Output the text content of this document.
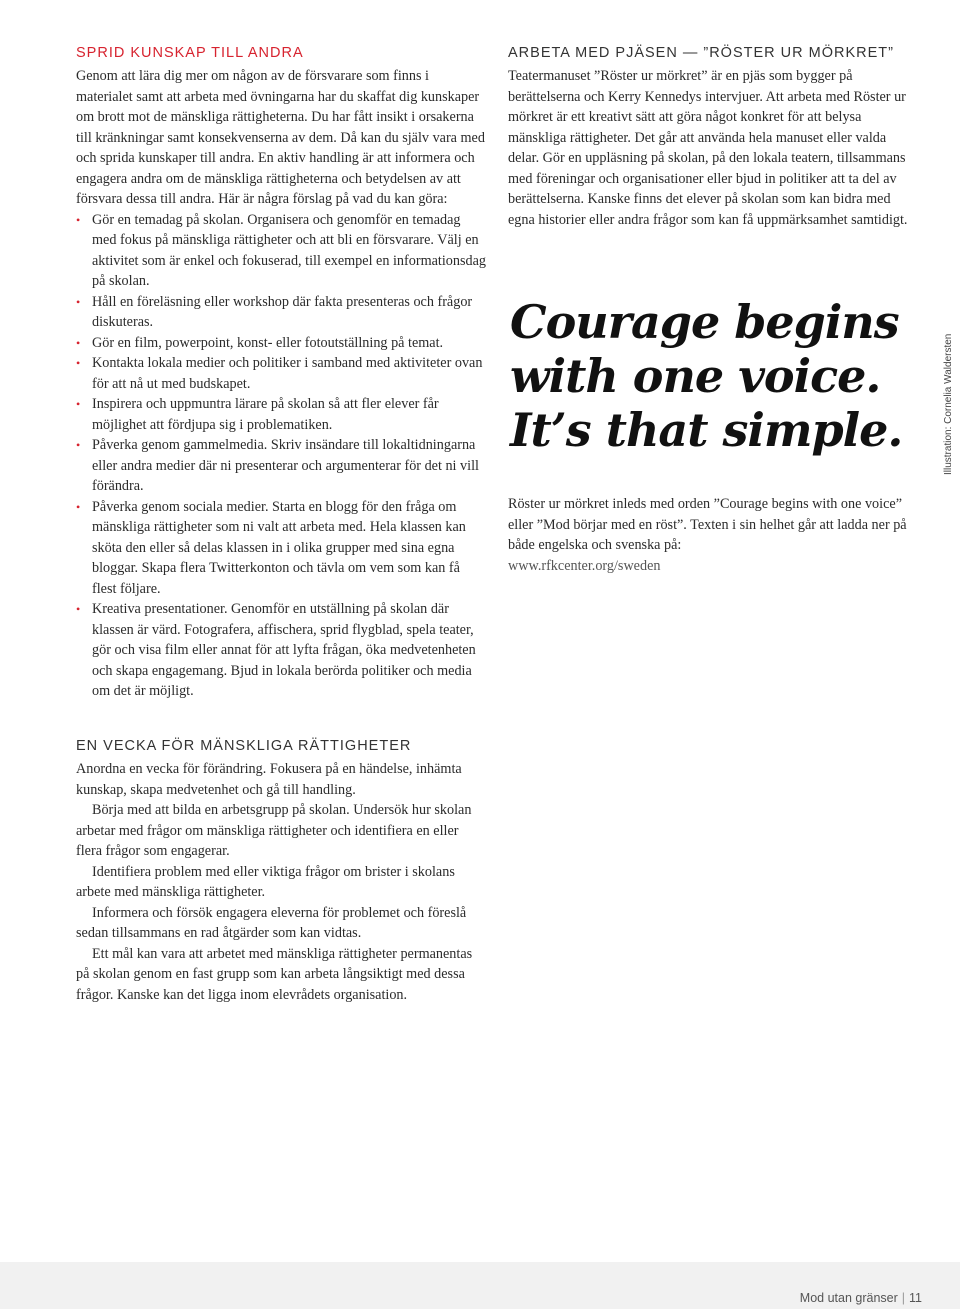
SPRID KUNSKAP TILL ANDRA

Genom att lära dig mer om någon av de försvarare som finns i materialet samt att arbeta med övningarna har du skaffat dig kunskaper om brott mot de mänskliga rättigheterna. Du har fått insikt i orsakerna till kränkningar samt konsekvenserna av dem. Då kan du själv vara med och sprida kunskaper till andra. En aktiv handling är att informera och engagera andra om de mänskliga rättigheterna och betydelsen av att försvara dessa till andra. Här är några förslag på vad du kan göra:

• Gör en temadag på skolan. Organisera och genomför en temadag med fokus på mänskliga rättigheter och att bli en försvarare. Välj en aktivitet som är enkel och fokuserad, till exempel en informationsdag på skolan.
• Håll en föreläsning eller workshop där fakta presenteras och frågor diskuteras.
• Gör en film, powerpoint, konst- eller fotoutställning på temat.
• Kontakta lokala medier och politiker i samband med aktiviteter ovan för att nå ut med budskapet.
• Inspirera och uppmuntra lärare på skolan så att fler elever får möjlighet att fördjupa sig i problematiken.
• Påverka genom gammelmedia. Skriv insändare till lokaltidningarna eller andra medier där ni presenterar och argumenterar för det ni vill förändra.
• Påverka genom sociala medier. Starta en blogg för den fråga om mänskliga rättigheter som ni valt att arbeta med. Hela klassen kan sköta den eller så delas klassen in i olika grupper med sina egna bloggar. Skapa flera Twitterkonton och tävla om vem som kan få flest följare.
• Kreativa presentationer. Genomför en utställning på skolan där klassen är värd. Fotografera, affischera, sprid flygblad, spela teater, gör och visa film eller annat för att lyfta frågan, öka medvetenheten och skapa engagemang. Bjud in lokala berörda politiker och media om det är möjligt.
EN VECKA FÖR MÄNSKLIGA RÄTTIGHETER

Anordna en vecka för förändring. Fokusera på en händelse, inhämta kunskap, skapa medvetenhet och gå till handling.

Börja med att bilda en arbetsgrupp på skolan. Undersök hur skolan arbetar med frågor om mänskliga rättigheter och identifiera en eller flera frågor som engagerar.

Identifiera problem med eller viktiga frågor om brister i skolans arbete med mänskliga rättigheter.

Informera och försök engagera eleverna för problemet och föreslå sedan tillsammans en rad åtgärder som kan vidtas.

Ett mål kan vara att arbetet med mänskliga rättigheter permanentas på skolan genom en fast grupp som kan arbeta långsiktigt med dessa frågor. Kanske kan det ligga inom elevrådets organisation.

ARBETA MED PJÄSEN — ”RÖSTER UR MÖRKRET”

Teatermanuset ”Röster ur mörkret” är en pjäs som bygger på berättelserna och Kerry Kennedys intervjuer. Att arbeta med Röster ur mörkret är ett kreativt sätt att göra något konkret för att belysa mänskliga rättigheter. Det går att använda hela manuset eller valda delar. Gör en uppläsning på skolan, på den lokala teatern, tillsammans med föreningar och organisationer eller bjud in politiker att ta del av berättelserna. Kanske finns det elever på skolan som kan bidra med egna historier eller andra frågor som kan få uppmärksamhet samtidigt.

Courage begins
with one voice.
It’s that simple.	Illustration: Cornelia Waldersten

Röster ur mörkret inleds med orden ”Courage begins with one voice” eller ”Mod börjar med en röst”. Texten i sin helhet går att ladda ner på både engelska och svenska på:

www.rfkcenter.org/sweden

Mod utan gränser | 11
